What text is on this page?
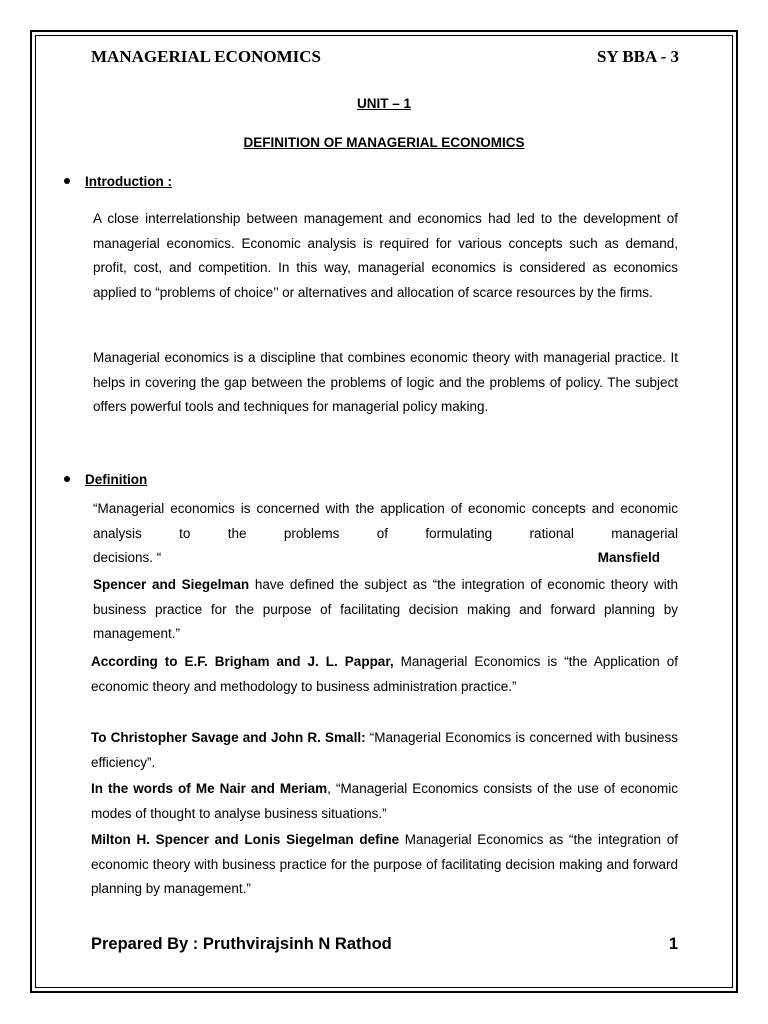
MANAGERIAL ECONOMICS	SY BBA - 3
UNIT – 1
DEFINITION OF MANAGERIAL ECONOMICS
Introduction :
A close interrelationship between management and economics had led to the development of managerial economics. Economic analysis is required for various concepts such as demand, profit, cost, and competition. In this way, managerial economics is considered as economics applied to “problems of choice’’ or alternatives and allocation of scarce resources by the firms.
Managerial economics is a discipline that combines economic theory with managerial practice. It helps in covering the gap between the problems of logic and the problems of policy. The subject offers powerful tools and techniques for managerial policy making.
Definition
“Managerial economics is concerned with the application of economic concepts and economic analysis to the problems of formulating rational managerial
decisions. “	Mansfield
Spencer and Siegelman have defined the subject as “the integration of economic theory with business practice for the purpose of facilitating decision making and forward planning by management.”
According to E.F. Brigham and J. L. Pappar, Managerial Economics is “the Application of economic theory and methodology to business administration practice.”
To Christopher Savage and John R. Small: “Managerial Economics is concerned with business efficiency”.
In the words of Me Nair and Meriam, “Managerial Economics consists of the use of economic modes of thought to analyse business situations.”
Milton H. Spencer and Lonis Siegelman define Managerial Economics as “the integration of economic theory with business practice for the purpose of facilitating decision making and forward planning by management.”
Prepared By : Pruthvirajsinh N Rathod	1
